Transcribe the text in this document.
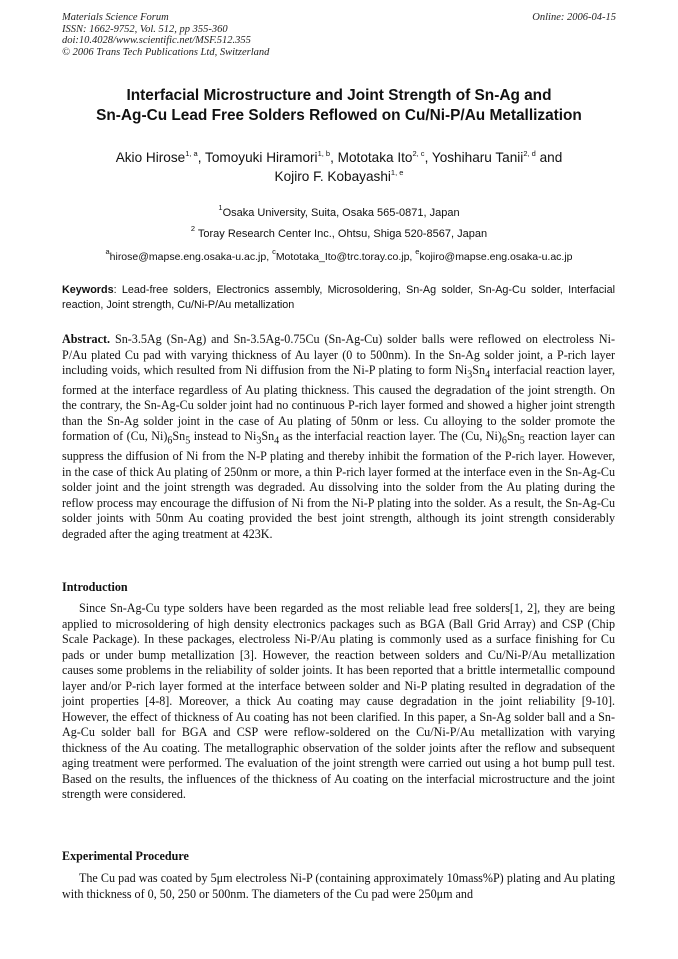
Materials Science Forum
ISSN: 1662-9752, Vol. 512, pp 355-360
doi:10.4028/www.scientific.net/MSF.512.355
© 2006 Trans Tech Publications Ltd, Switzerland
Online: 2006-04-15
Interfacial Microstructure and Joint Strength of Sn-Ag and
Sn-Ag-Cu Lead Free Solders Reflowed on Cu/Ni-P/Au Metallization
Akio Hirose$^{1, a}$, Tomoyuki Hiramori$^{1, b}$, Mototaka Ito$^{2, c}$, Yoshiharu Tanii$^{2, d}$ and
Kojiro F. Kobayashi$^{1, e}$
$^1$Osaka University, Suita, Osaka 565-0871, Japan
$^2$ Toray Research Center Inc., Ohtsu, Shiga 520-8567, Japan
$^a$hirose@mapse.eng.osaka-u.ac.jp, $^c$Mototaka_Ito@trc.toray.co.jp, $^e$kojiro@mapse.eng.osaka-u.ac.jp
Keywords: Lead-free solders, Electronics assembly, Microsoldering, Sn-Ag solder, Sn-Ag-Cu solder, Interfacial reaction, Joint strength, Cu/Ni-P/Au metallization
Abstract. Sn-3.5Ag (Sn-Ag) and Sn-3.5Ag-0.75Cu (Sn-Ag-Cu) solder balls were reflowed on electroless Ni-P/Au plated Cu pad with varying thickness of Au layer (0 to 500nm). In the Sn-Ag solder joint, a P-rich layer including voids, which resulted from Ni diffusion from the Ni-P plating to form $Ni_3Sn_4$ interfacial reaction layer, formed at the interface regardless of Au plating thickness. This caused the degradation of the joint strength. On the contrary, the Sn-Ag-Cu solder joint had no continuous P-rich layer formed and showed a higher joint strength than the Sn-Ag solder joint in the case of Au plating of 50nm or less. Cu alloying to the solder promote the formation of (Cu, $Ni)_6Sn_5$ instead to $Ni_3Sn_4$ as the interfacial reaction layer. The (Cu, $Ni)_6Sn_5$ reaction layer can suppress the diffusion of Ni from the N-P plating and thereby inhibit the formation of the P-rich layer. However, in the case of thick Au plating of 250nm or more, a thin P-rich layer formed at the interface even in the Sn-Ag-Cu solder joint and the joint strength was degraded. Au dissolving into the solder from the Au plating during the reflow process may encourage the diffusion of Ni from the Ni-P plating into the solder. As a result, the Sn-Ag-Cu solder joints with 50nm Au coating provided the best joint strength, although its joint strength considerably degraded after the aging treatment at 423K.
Introduction
Since Sn-Ag-Cu type solders have been regarded as the most reliable lead free solders[1, 2], they are being applied to microsoldering of high density electronics packages such as BGA (Ball Grid Array) and CSP (Chip Scale Package). In these packages, electroless Ni-P/Au plating is commonly used as a surface finishing for Cu pads or under bump metallization [3]. However, the reaction between solders and Cu/Ni-P/Au metallization causes some problems in the reliability of solder joints. It has been reported that a brittle intermetallic compound layer and/or P-rich layer formed at the interface between solder and Ni-P plating resulted in degradation of the joint properties [4-8]. Moreover, a thick Au coating may cause degradation in the joint reliability [9-10]. However, the effect of thickness of Au coating has not been clarified. In this paper, a Sn-Ag solder ball and a Sn-Ag-Cu solder ball for BGA and CSP were reflow-soldered on the Cu/Ni-P/Au metallization with varying thickness of the Au coating. The metallographic observation of the solder joints after the reflow and subsequent aging treatment were performed. The evaluation of the joint strength were carried out using a hot bump pull test. Based on the results, the influences of the thickness of Au coating on the interfacial microstructure and the joint strength were considered.
Experimental Procedure
The Cu pad was coated by 5μm electroless Ni-P (containing approximately 10mass%P) plating and Au plating with thickness of 0, 50, 250 or 500nm. The diameters of the Cu pad were 250μm and
